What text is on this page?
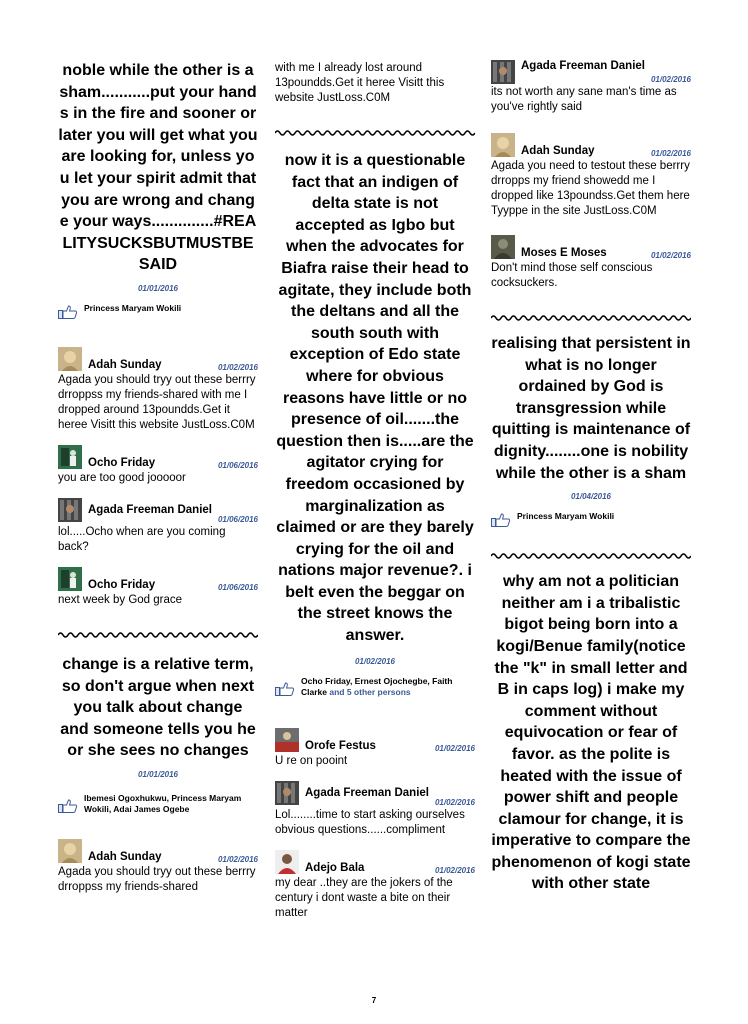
noble while the other is a sham...........put your hands in the fire and sooner or later you will get what you are looking for, unless you let your spirit admit that you are wrong and change your ways..............#REALITYSUCKSBUTMUSTBESAID

01/01/2016

Princess Maryam Wokili
Adah Sunday	01/02/2016
Agada you should tryy out these berrry drroppss my friends-shared with me I dropped around 13poundds.Get it heree Visitt this website JustLoss.C0M
Ocho Friday	01/06/2016
you are too good jooooor
Agada Freeman Daniel
01/06/2016
lol.....Ocho when are you coming back?
Ocho Friday	01/06/2016
next week by God grace

change is a relative term, so don't argue when next you talk about change and someone tells you he or she sees no changes

01/01/2016

Ibemesi Ogoxhukwu, Princess Maryam Wokili, Adai James Ogebe
Adah Sunday	01/02/2016
Agada you should tryy out these berrry drroppss my friends-shared
with me I already lost around 13poundds.Get it heree Visitt this website JustLoss.C0M

now it is a questionable fact that an indigen of delta state is not accepted as Igbo but when the advocates for Biafra raise their head to agitate, they include both the deltans and all the south south with exception of Edo state where for obvious reasons have little or no presence of oil.......the question then is.....are the agitator crying for freedom occasioned by marginalization as claimed or are they barely crying for the oil and nations major revenue?. i belt even the beggar on the street knows the answer.

01/02/2016

Ocho Friday, Ernest Ojochegbe, Faith Clarke and 5 other persons
Orofe Festus	01/02/2016
U re on pooint
Agada Freeman Daniel
01/02/2016
Lol........time to start asking ourselves obvious questions......compliment
Adejo Bala	01/02/2016
my dear ..they are the jokers of the century i dont waste a bite on their matter
Agada Freeman Daniel
01/02/2016
its not worth any sane man's time as you've rightly said
Adah Sunday	01/02/2016
Agada you need to testout these berrry drropps my friend showedd me I dropped like 13poundss.Get them here Tyyppe in the site JustLoss.C0M
Moses E Moses	01/02/2016
Don't mind those self conscious cocksuckers.

realising that persistent in what is no longer ordained by God is transgression while quitting is maintenance of dignity........one is nobility while the other is a sham

01/04/2016

Princess Maryam Wokili

why am not a politician neither am i a tribalistic bigot being born into a kogi/Benue family(notice the "k" in small letter and B in caps log) i make my comment without equivocation or fear of favor. as the polite is heated with the issue of power shift and people clamour for change, it is imperative to compare the phenomenon of kogi state with other state

7
